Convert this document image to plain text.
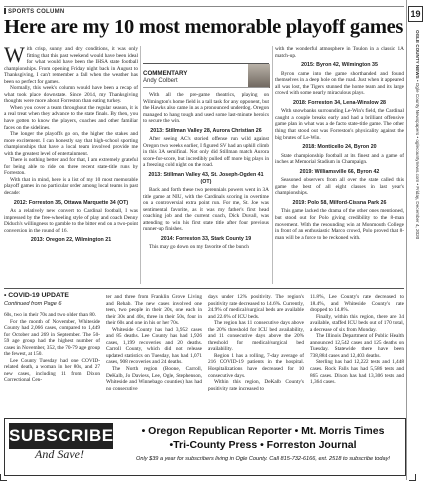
SPORTS COLUMN
Here are my 10 most memorable playoff games
19
OGLE COUNTY NEWS • Ogle County Newspapers • oglecountynews.com • Friday, December 4, 2020

With crisp, sunny and dry conditions, it was only fitting that this past weekend would have been ideal for what would have been the IHSA state football championships. From opening Friday night back in August to Thanksgiving, I can't remember a fall when the weather has been so perfect for games.

Normally, this week's column would have been a recap of what took place downstate. Since 2014, my Thanksgiving thoughts were more about Forreston than eating turkey.

When you cover a team throughout the regular season, it is a real treat when they advance to the state finals. By then, you have gotten to know the players, coaches and other familiar faces on the sidelines.

The longer the playoffs go on, the higher the stakes and more excitement. I can honestly say that high-school sporting championships that have a local team involved provide me with the greatest level of entertainment.

There is nothing better and for that, I am extremely grateful for being able to ride on three recent state-title runs by Forreston.

With that in mind, here is a list of my 10 most memorable playoff games in no particular order among local teams in past decade:

2012: Forreston 35, Ottawa Marquette 34 (OT)

As a relatively new convert to Cardinal football, I was impressed by the free-wheeling style of play and coach Denny Diduch's willingness to gamble to the bitter end on a two-point conversion in the round of 16.

2013: Oregon 22, Wilmington 21
COMMENTARY
Andy Colbert

With all the pre-game theatrics, playing on Wilmington's home field is a tall task for any opponent, but the Hawks also came in as a pronounced underdog. Oregon managed to hang tough and used some last-minute heroics to secure the win.

2013: Stillman Valley 28, Aurora Christian 26

After seeing AC's storied offense run wild against Oregon two weeks earlier, I figured SV had an uphill climb in this 3A semifinal. Not only did Stillman match Aurora score-for-score, but incredibly pulled off more big plays in a freezing cold night on the road.

2013: Stillman Valley 43, St. Joseph-Ogden 41 (OT)

Back and forth these two perennials powers went in 3A title game at NIU, with the Cardinals scoring in overtime on a controversial extra point run. For me, St. Joe was sentimental favorite, as it was my father's first head coaching job and the current coach, Dick Duvall, was attending to win his first state title after four previous runner-up finishes.

2014: Forreston 33, Stark County 19

This may go down on my favorite of the bunch

with the wonderful atmosphere in Toulon in a classic 1A match-up.

2015: Byron 42, Wilmington 35

Byron came into the game shorthanded and found themselves in a deep hole on the road. Just when it appeared all was lost, the Tigers stunned the home team and its large crowd with some nearly miraculous plays.

2018: Forreston 34, Lena-Winslow 28

With snowbanks surrounding Le-Win's field, the Cardinal caught a couple breaks early and had a brilliant offensive game plan in what was a de facto state-title game. The other thing that stood out was Forreston's physicality against the big brutes of Le-Win.

2018: Monticello 24, Byron 20

State championship football at its finest and a game of inches at Memorial Stadium in Champaign.

2019: Williamsville 66, Byron 42

Seasoned observers from all over the state called this game the best of all eight classes in last year's championships.

2019: Polo 58, Milford-Cissna Park 26

This game lacked the drama of the other ones mentioned, but stood out for Polo giving credibility to the 8-man movement. With the resounding win at Monmouth College in front of an enthusiastic Marco crowd, Polo proved that 8-man will be a force to be reckoned with.

• COVID-19 UPDATE
Continued from Page 6

60s, two in their 70s and two older than 80.

For the month of November, Whiteside County had 2,066 cases, compared to 1,449 for October and 269 in September. The 50-59 age group had the highest number of cases in November, 352, the 70-79 age group the fewest, at 150.

Lee County Tuesday had one COVID-related death, a woman in her 80s, and 27 new cases, including 11 from Dixon Correctional Cen-

ter and three from Franklin Grove Living and Rehab. The new cases involved one teen, two people in their 20s, one each in their 30s and 40s, three in their 50s, four in their 60s and one in his or her 70s.

Whiteside County has had 3,952 cases and 85 deaths. Lee County has had 1,926 cases, 1,199 recoveries and 20 deaths. Carroll County, which did not release updated statistics on Tuesday, has had 1,071 cases, 908 recoveries and 24 deaths.

The North region (Boone, Carroll, DeKalb, Jo Daviess, Lee, Ogle, Stephenson, Whiteside and Winnebago counties) has had no consecutive

days under 12% positivity. The region's positivity rate decreased to 14.6%. Currently, 24.9% of medical/surgical beds are available and 22.6% of ICU beds.

The region has 11 consecutive days above the 20% threshold for ICU bed availability, and 11 consecutive days above the 20% threshold for medical/surgical bed availability.

Region 1 has a rolling, 7-day average of 216 COVID-19 patients in the hospital. Hospitalizations have decreased for 10 consecutive days.

Within this region, DeKalb County's positivity rate increased to

11.8%, Lee County's rate decreased to 18.4%, and Whiteside County's rate dropped to 14.8%.

Finally, within this region, there are 34 available, staffed ICU beds out of 170 total, a decrease of six from Monday.

The Illinois Department of Public Health announced 12,542 cases and 125 deaths on Tuesday. Statewide there have been 738,884 cases and 12,403 deaths.

Sterling has had 12,222 tests and 1,448 cases. Rock Falls has had 5,586 tests and 865 cases. Dixon has had 13,306 tests and 1,364 cases.

SUBSCRIBE
And Save!
• Oregon Republican Reporter • Mt. Morris Times
•Tri-County Press • Forreston Journal
Only $39 a year for subscribers living in Ogle County. Call 815-732-6166, ext. 2518 to subscribe today!
